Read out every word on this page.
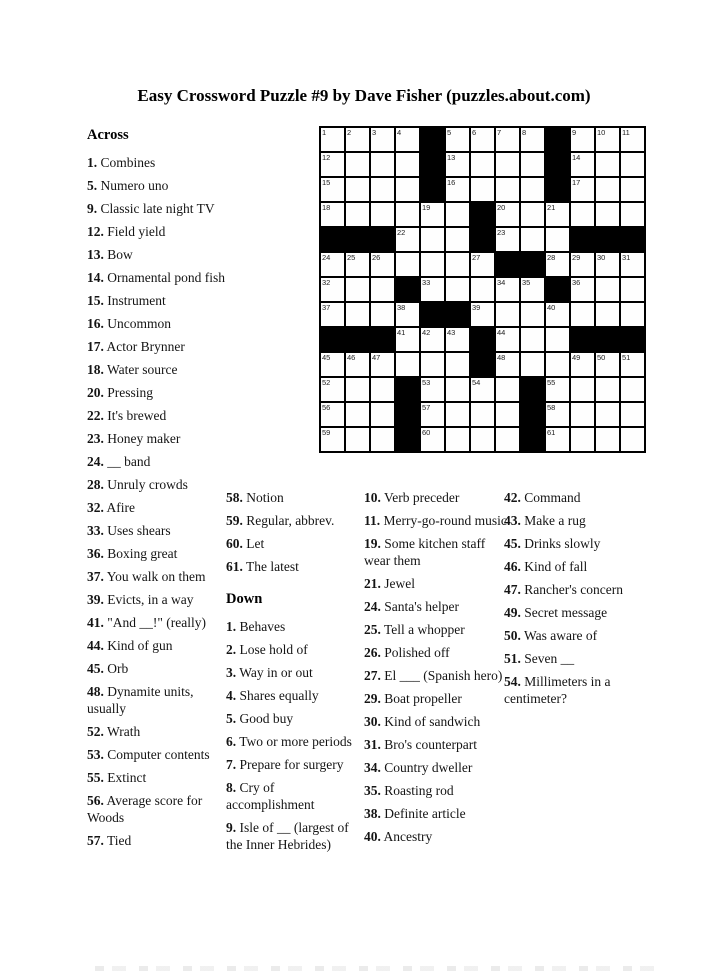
Easy Crossword Puzzle #9 by Dave Fisher (puzzles.about.com)
1	2	3	4	5	6	7	8	9	10 11
12	13	14
15	16	17
18	19	20	21
22	23
24 25 26	27	28 29 30 31
32	33	34 35	36
37	38	39	40
41 42 43	44
45 46 47	48	49 50 51
52	53	54	55
56	57	58
59	60	61
Across

1. Combines

5. Numero uno

9. Classic late night TV

12. Field yield

13. Bow

14. Ornamental pond fish

15. Instrument

16. Uncommon

17. Actor Brynner

18. Water source

20. Pressing

22. It's brewed

23. Honey maker

24. __ band

28. Unruly crowds

32. Afire

33. Uses shears

36. Boxing great

37. You walk on them

39. Evicts, in a way

41. "And __!" (really)

44. Kind of gun

45. Orb

48. Dynamite units, usually

52. Wrath

53. Computer contents

55. Extinct

56. Average score for Woods

57. Tied

58. Notion

59. Regular, abbrev.

60. Let

61. The latest

Down

1. Behaves

2. Lose hold of

3. Way in or out

4. Shares equally

5. Good buy

6. Two or more periods

7. Prepare for surgery

8. Cry of accomplishment

9. Isle of __ (largest of the Inner Hebrides)

10. Verb preceder

11. Merry-go-round music

19. Some kitchen staff wear them

21. Jewel

24. Santa's helper

25. Tell a whopper

26. Polished off

27. El ___ (Spanish hero)

29. Boat propeller

30. Kind of sandwich

31. Bro's counterpart

34. Country dweller

35. Roasting rod

38. Definite article

40. Ancestry

42. Command

43. Make a rug

45. Drinks slowly

46. Kind of fall

47. Rancher's concern

49. Secret message

50. Was aware of

51. Seven __

54. Millimeters in a centimeter?
